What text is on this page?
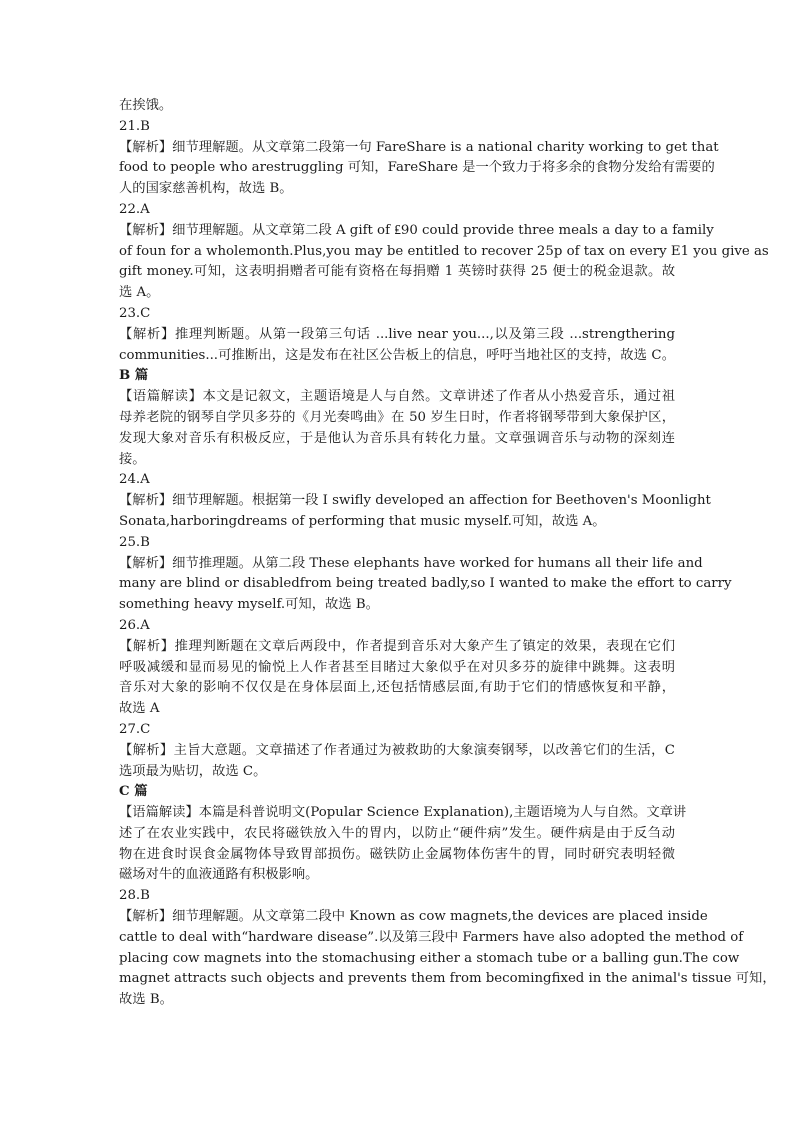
在挨饿。
21.B
【解析】细节理解题。从文章第二段第一句 FareShare is a national charity working to get that
food to people who arestruggling 可知，FareShare 是一个致力于将多余的食物分发给有需要的
人的国家慈善机构，故选 B。
22.A
【解析】细节理解题。从文章第二段 A gift of ₤90 could provide three meals a day to a family
of foun for a wholemonth.Plus,you may be entitled to recover 25p of tax on every E1 you give as
gift money.可知，这表明捐赠者可能有资格在每捐赠 1 英镑时获得 25 便士的税金退款。故
选 A。
23.C
【解析】推理判断题。从第一段第三句话 ...live near you...,以及第三段 ...strengthering
communities...可推断出，这是发布在社区公告板上的信息，呼吁当地社区的支持，故选 C。
B 篇
【语篇解读】本文是记叙文，主题语境是人与自然。文章讲述了作者从小热爱音乐，通过祖
母养老院的钢琴自学贝多芬的《月光奏鸣曲》在 50 岁生日时，作者将钢琴带到大象保护区，
发现大象对音乐有积极反应，于是他认为音乐具有转化力量。文章强调音乐与动物的深刻连
接。
24.A
【解析】细节理解题。根据第一段 I swifly developed an affection for Beethoven's Moonlight
Sonata,harboringdreams of performing that music myself.可知，故选 A。
25.B
【解析】细节推理题。从第二段 These elephants have worked for humans all their life and
many are blind or disabledfrom being treated badly,so I wanted to make the effort to carry
something heavy myself.可知，故选 B。
26.A
【解析】推理判断题在文章后两段中，作者提到音乐对大象产生了镇定的效果，表现在它们
呼吸减缓和显而易见的愉悦上人作者甚至目睹过大象似乎在对贝多芬的旋律中跳舞。这表明
音乐对大象的影响不仅仅是在身体层面上,还包括情感层面,有助于它们的情感恢复和平静，
故选 A
27.C
【解析】主旨大意题。文章描述了作者通过为被救助的大象演奏钢琴，以改善它们的生活，C
选项最为贴切，故选 C。
C 篇
【语篇解读】本篇是科普说明文(Popular Science Explanation),主题语境为人与自然。文章讲
述了在农业实践中，农民将磁铁放入牛的胃内，以防止“硬件病”发生。硬件病是由于反刍动
物在进食时误食金属物体导致胃部损伤。磁铁防止金属物体伤害牛的胃，同时研究表明轻微
磁场对牛的血液通路有积极影响。
28.B
【解析】细节理解题。从文章第二段中 Known as cow magnets,the devices are placed inside
cattle to deal with“hardware disease”.以及第三段中 Farmers have also adopted the method of
placing cow magnets into the stomachusing either a stomach tube or a balling gun.The cow
magnet attracts such objects and prevents them from becomingfixed in the animal's tissue 可知，
故选 B。
